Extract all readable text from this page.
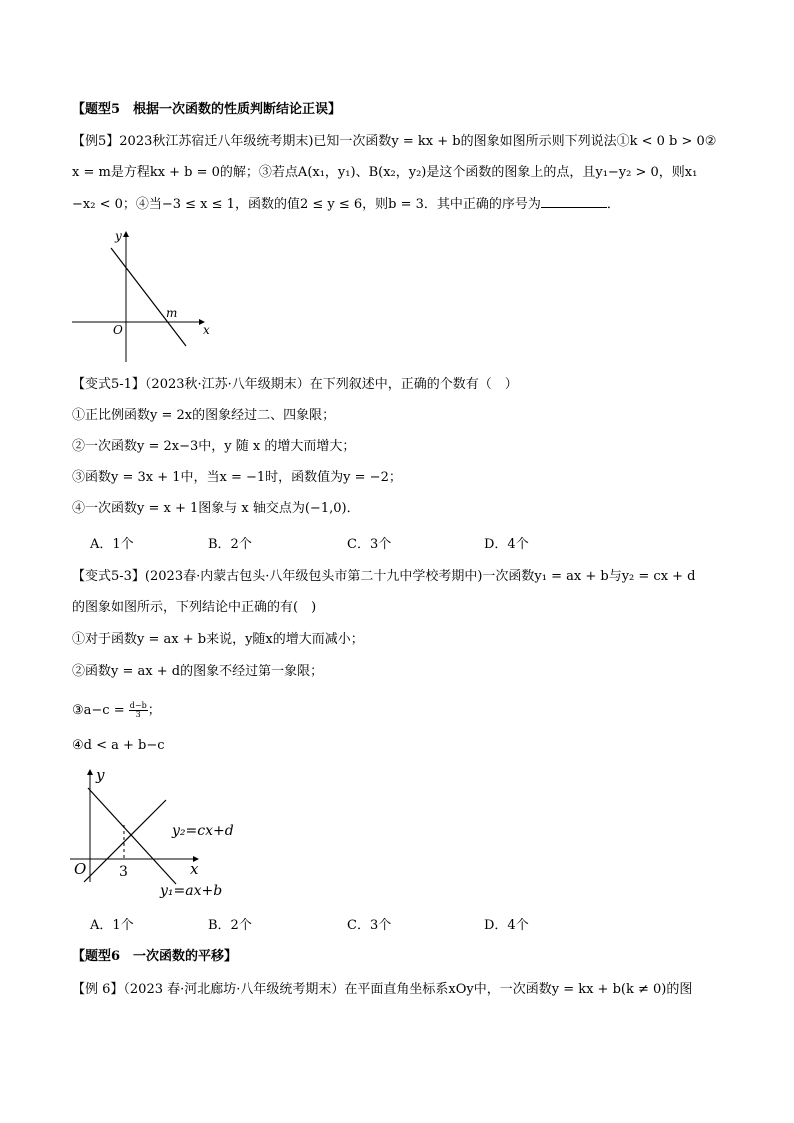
【题型5　根据一次函数的性质判断结论正误】
【例5】2023秋江苏宿迁八年级统考期末)已知一次函数y = kx + b的图象如图所示则下列说法①k < 0 b > 0②
x = m是方程kx + b = 0的解；③若点A(x₁，y₁)、B(x₂，y₂)是这个函数的图象上的点，且y₁−y₂ > 0，则x₁
−x₂ < 0；④当−3 ≤ x ≤ 1，函数的值2 ≤ y ≤ 6，则b = 3．其中正确的序号为	．
y
x
O
m
【变式5-1】（2023秋·江苏·八年级期末）在下列叙述中，正确的个数有（　）
①正比例函数y = 2x的图象经过二、四象限；
②一次函数y = 2x−3中，y 随 x 的增大而增大；
③函数y = 3x + 1中，当x = −1时，函数值为y = −2；
④一次函数y = x + 1图象与 x 轴交点为(−1,0)．
A．1个	B．2个	C．3个	D．4个
【变式5-3】(2023春·内蒙古包头·八年级包头市第二十九中学校考期中)一次函数y₁ = ax + b与y₂ = cx + d
的图象如图所示，下列结论中正确的有(　)
①对于函数y = ax + b来说，y随x的增大而减小；
②函数y = ax + d的图象不经过第一象限；
③a−c = $\frac{d-b}{3}$ ；
④d < a + b−c
y
x
O 3
y₂=cx+d
y₁=ax+b
A．1个	B．2个	C．3个	D．4个
【题型6　一次函数的平移】
【例 6】（2023 春·河北廊坊·八年级统考期末）在平面直角坐标系xOy中，一次函数y = kx + b(k ≠ 0)的图
